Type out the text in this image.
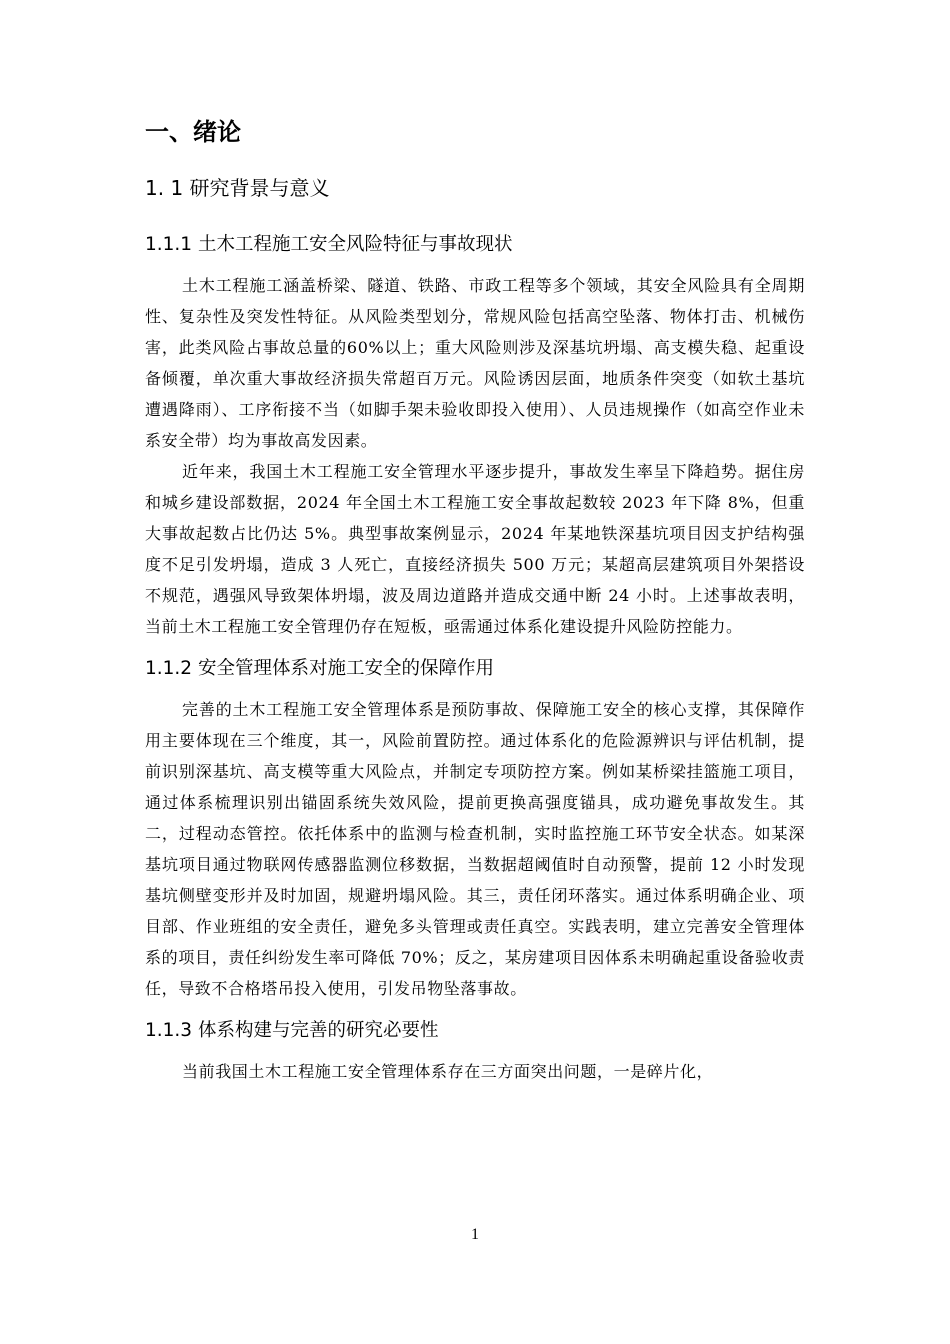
一、绪论
1. 1 研究背景与意义
1.1.1 土木工程施工安全风险特征与事故现状

土木工程施工涵盖桥梁、隧道、铁路、市政工程等多个领域，其安全风险具有全周期性、复杂性及突发性特征。从风险类型划分，常规风险包括高空坠落、物体打击、机械伤害，此类风险占事故总量的60%以上；重大风险则涉及深基坑坍塌、高支模失稳、起重设备倾覆，单次重大事故经济损失常超百万元。风险诱因层面，地质条件突变（如软土基坑遭遇降雨）、工序衔接不当（如脚手架未验收即投入使用）、人员违规操作（如高空作业未系安全带）均为事故高发因素。

近年来，我国土木工程施工安全管理水平逐步提升，事故发生率呈下降趋势。据住房和城乡建设部数据，2024 年全国土木工程施工安全事故起数较 2023 年下降 8%，但重大事故起数占比仍达 5%。典型事故案例显示，2024 年某地铁深基坑项目因支护结构强度不足引发坍塌，造成 3 人死亡，直接经济损失 500 万元；某超高层建筑项目外架搭设不规范，遇强风导致架体坍塌，波及周边道路并造成交通中断 24 小时。上述事故表明，当前土木工程施工安全管理仍存在短板，亟需通过体系化建设提升风险防控能力。

1.1.2 安全管理体系对施工安全的保障作用

完善的土木工程施工安全管理体系是预防事故、保障施工安全的核心支撑，其保障作用主要体现在三个维度，其一，风险前置防控。通过体系化的危险源辨识与评估机制，提前识别深基坑、高支模等重大风险点，并制定专项防控方案。例如某桥梁挂篮施工项目，通过体系梳理识别出锚固系统失效风险，提前更换高强度锚具，成功避免事故发生。其二，过程动态管控。依托体系中的监测与检查机制，实时监控施工环节安全状态。如某深基坑项目通过物联网传感器监测位移数据，当数据超阈值时自动预警，提前 12 小时发现基坑侧壁变形并及时加固，规避坍塌风险。其三，责任闭环落实。通过体系明确企业、项目部、作业班组的安全责任，避免多头管理或责任真空。实践表明，建立完善安全管理体系的项目，责任纠纷发生率可降低 70%；反之，某房建项目因体系未明确起重设备验收责任，导致不合格塔吊投入使用，引发吊物坠落事故。

1.1.3 体系构建与完善的研究必要性

当前我国土木工程施工安全管理体系存在三方面突出问题，一是碎片化，

1
